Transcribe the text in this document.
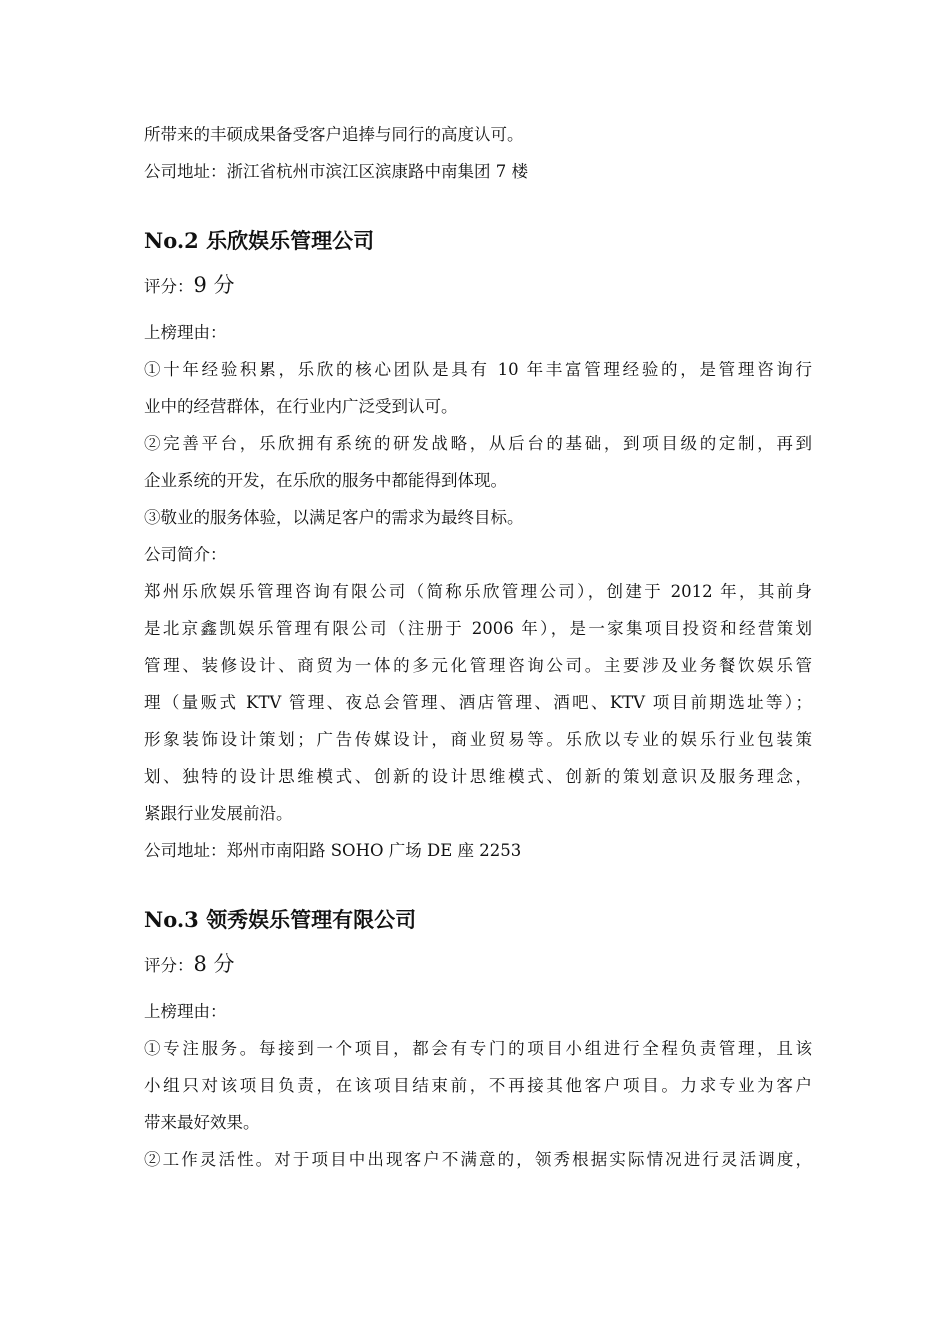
所带来的丰硕成果备受客户追捧与同行的高度认可。

公司地址：浙江省杭州市滨江区滨康路中南集团 7 楼

No.2 乐欣娱乐管理公司

评分：9 分

上榜理由：

①十年经验积累，乐欣的核心团队是具有 10 年丰富管理经验的，是管理咨询行

业中的经营群体，在行业内广泛受到认可。

②完善平台，乐欣拥有系统的研发战略，从后台的基础，到项目级的定制，再到

企业系统的开发，在乐欣的服务中都能得到体现。

③敬业的服务体验，以满足客户的需求为最终目标。

公司简介：

郑州乐欣娱乐管理咨询有限公司（简称乐欣管理公司），创建于 2012 年，其前身

是北京鑫凯娱乐管理有限公司（注册于 2006 年），是一家集项目投资和经营策划

管理、装修设计、商贸为一体的多元化管理咨询公司。主要涉及业务餐饮娱乐管

理（量贩式 KTV 管理、夜总会管理、酒店管理、酒吧、KTV 项目前期选址等）；

形象装饰设计策划；广告传媒设计，商业贸易等。乐欣以专业的娱乐行业包装策

划、独特的设计思维模式、创新的设计思维模式、创新的策划意识及服务理念，

紧跟行业发展前沿。

公司地址：郑州市南阳路 SOHO 广场 DE 座 2253

No.3 领秀娱乐管理有限公司

评分：8 分

上榜理由：

①专注服务。每接到一个项目，都会有专门的项目小组进行全程负责管理，且该

小组只对该项目负责，在该项目结束前，不再接其他客户项目。力求专业为客户

带来最好效果。

②工作灵活性。对于项目中出现客户不满意的，领秀根据实际情况进行灵活调度，
